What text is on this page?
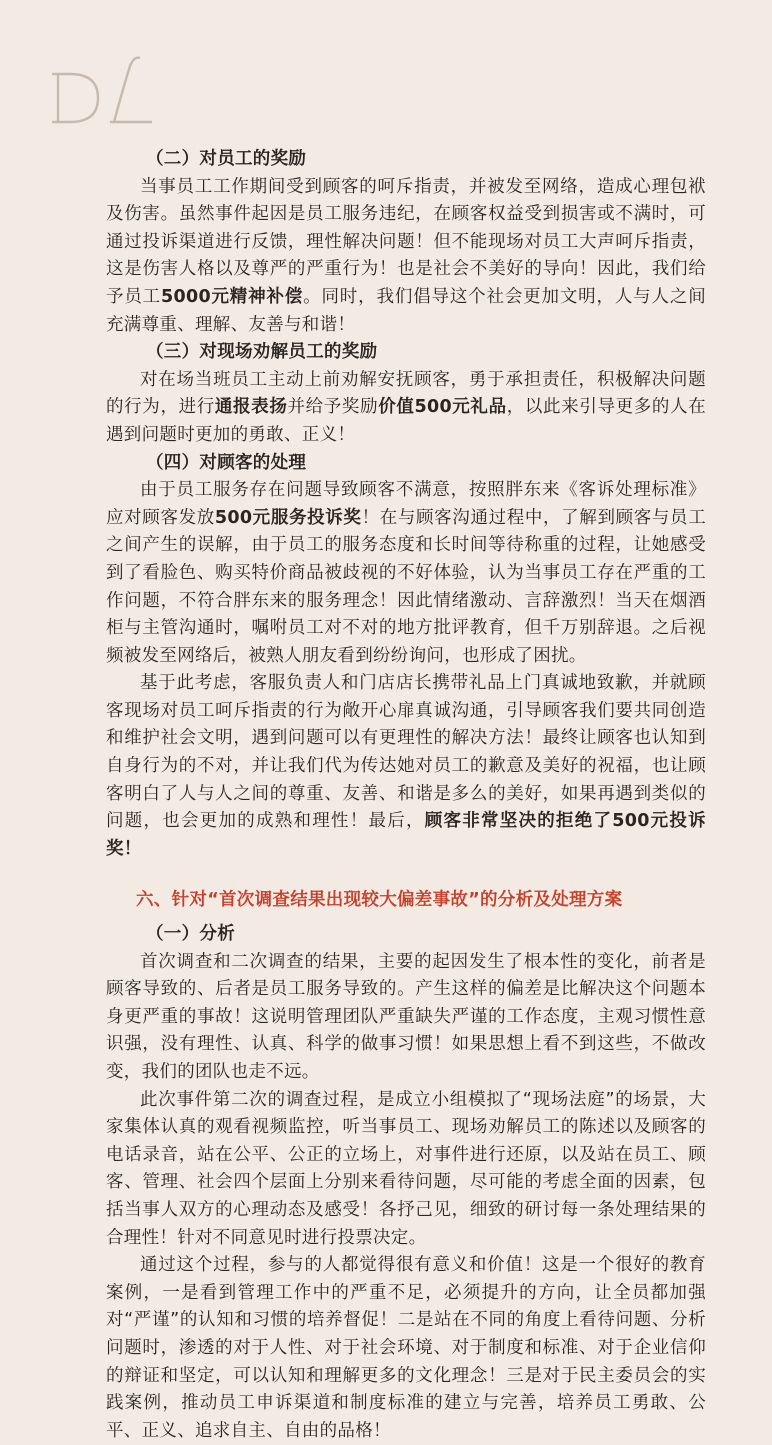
（二）对员工的奖励

当事员工工作期间受到顾客的呵斥指责，并被发至网络，造成心理包袱及伤害。虽然事件起因是员工服务违纪，在顾客权益受到损害或不满时，可通过投诉渠道进行反馈，理性解决问题！但不能现场对员工大声呵斥指责，这是伤害人格以及尊严的严重行为！也是社会不美好的导向！因此，我们给予员工5000元精神补偿。同时，我们倡导这个社会更加文明，人与人之间充满尊重、理解、友善与和谐！

（三）对现场劝解员工的奖励

对在场当班员工主动上前劝解安抚顾客，勇于承担责任，积极解决问题的行为，进行通报表扬并给予奖励价值500元礼品，以此来引导更多的人在遇到问题时更加的勇敢、正义！

（四）对顾客的处理

由于员工服务存在问题导致顾客不满意，按照胖东来《客诉处理标准》应对顾客发放500元服务投诉奖！在与顾客沟通过程中，了解到顾客与员工之间产生的误解，由于员工的服务态度和长时间等待称重的过程，让她感受到了看脸色、购买特价商品被歧视的不好体验，认为当事员工存在严重的工作问题，不符合胖东来的服务理念！因此情绪激动、言辞激烈！当天在烟酒柜与主管沟通时，嘱咐员工对不对的地方批评教育，但千万别辞退。之后视频被发至网络后，被熟人朋友看到纷纷询问，也形成了困扰。

基于此考虑，客服负责人和门店店长携带礼品上门真诚地致歉，并就顾客现场对员工呵斥指责的行为敞开心扉真诚沟通，引导顾客我们要共同创造和维护社会文明，遇到问题可以有更理性的解决方法！最终让顾客也认知到自身行为的不对，并让我们代为传达她对员工的歉意及美好的祝福，也让顾客明白了人与人之间的尊重、友善、和谐是多么的美好，如果再遇到类似的问题，也会更加的成熟和理性！最后，顾客非常坚决的拒绝了500元投诉奖！

六、针对“首次调查结果出现较大偏差事故”的分析及处理方案

（一）分析

首次调查和二次调查的结果，主要的起因发生了根本性的变化，前者是顾客导致的、后者是员工服务导致的。产生这样的偏差是比解决这个问题本身更严重的事故！这说明管理团队严重缺失严谨的工作态度，主观习惯性意识强，没有理性、认真、科学的做事习惯！如果思想上看不到这些，不做改变，我们的团队也走不远。

此次事件第二次的调查过程，是成立小组模拟了“现场法庭”的场景，大家集体认真的观看视频监控，听当事员工、现场劝解员工的陈述以及顾客的电话录音，站在公平、公正的立场上，对事件进行还原，以及站在员工、顾客、管理、社会四个层面上分别来看待问题，尽可能的考虑全面的因素，包括当事人双方的心理动态及感受！各抒己见，细致的研讨每一条处理结果的合理性！针对不同意见时进行投票决定。

通过这个过程，参与的人都觉得很有意义和价值！这是一个很好的教育案例，一是看到管理工作中的严重不足，必须提升的方向，让全员都加强对“严谨”的认知和习惯的培养督促！二是站在不同的角度上看待问题、分析问题时，渗透的对于人性、对于社会环境、对于制度和标准、对于企业信仰的辩证和坚定，可以认知和理解更多的文化理念！三是对于民主委员会的实践案例，推动员工申诉渠道和制度标准的建立与完善，培养员工勇敢、公平、正义、追求自主、自由的品格！
